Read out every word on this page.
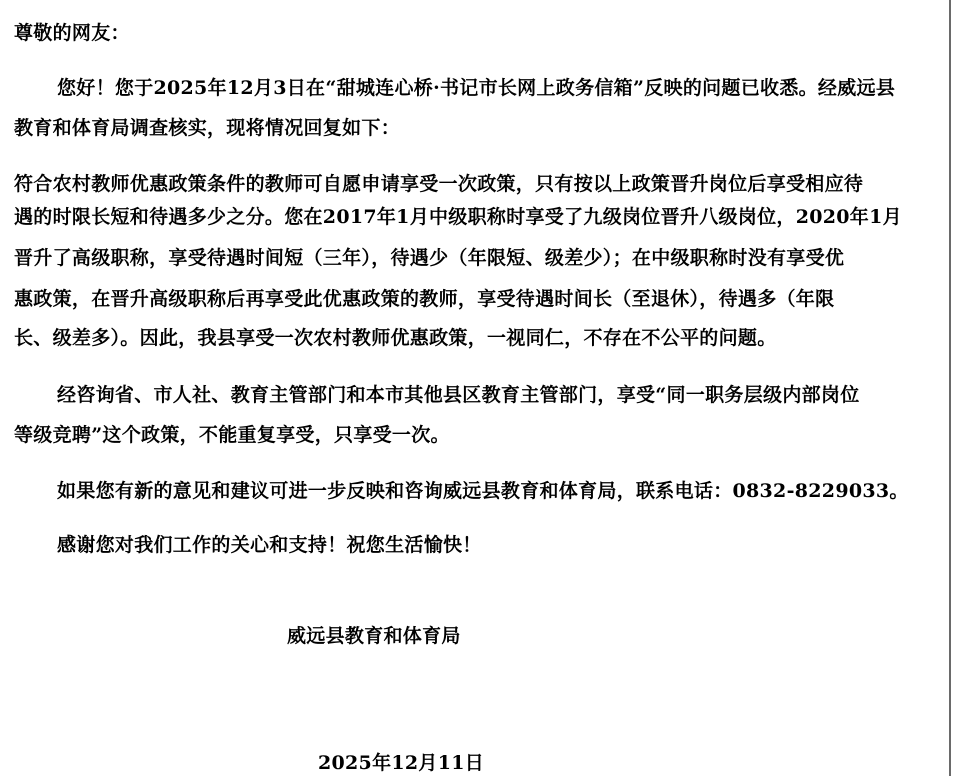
尊敬的网友：
您好！您于2025年12月3日在“甜城连心桥·书记市长网上政务信箱”反映的问题已收悉。经威远县
教育和体育局调查核实，现将情况回复如下：
符合农村教师优惠政策条件的教师可自愿申请享受一次政策，只有按以上政策晋升岗位后享受相应待
遇的时限长短和待遇多少之分。您在2017年1月中级职称时享受了九级岗位晋升八级岗位，2020年1月
晋升了高级职称，享受待遇时间短（三年），待遇少（年限短、级差少）；在中级职称时没有享受优
惠政策，在晋升高级职称后再享受此优惠政策的教师，享受待遇时间长（至退休），待遇多（年限
长、级差多）。因此，我县享受一次农村教师优惠政策，一视同仁，不存在不公平的问题。
经咨询省、市人社、教育主管部门和本市其他县区教育主管部门，享受“同一职务层级内部岗位
等级竞聘”这个政策，不能重复享受，只享受一次。
如果您有新的意见和建议可进一步反映和咨询威远县教育和体育局，联系电话：0832-8229033。
感谢您对我们工作的关心和支持！祝您生活愉快！
威远县教育和体育局
2025年12月11日
